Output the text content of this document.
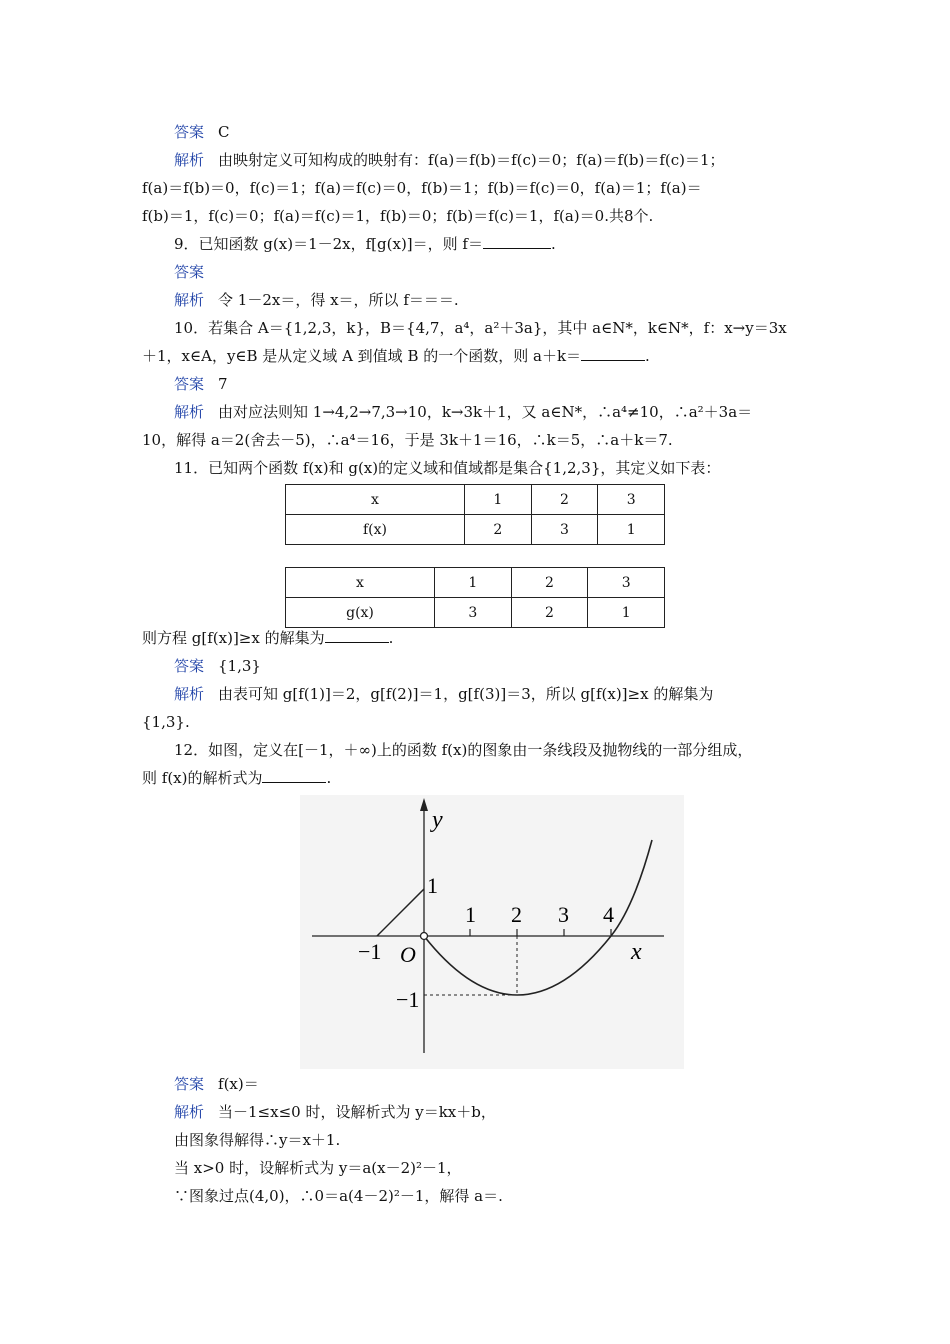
答案 C
解析 由映射定义可知构成的映射有：f(a)＝f(b)＝f(c)＝0；f(a)＝f(b)＝f(c)＝1；
f(a)＝f(b)＝0，f(c)＝1；f(a)＝f(c)＝0，f(b)＝1；f(b)＝f(c)＝0，f(a)＝1；f(a)＝
f(b)＝1，f(c)＝0；f(a)＝f(c)＝1，f(b)＝0；f(b)＝f(c)＝1，f(a)＝0.共8个.
9．已知函数 g(x)＝1－2x，f[g(x)]＝，则 f＝	.
答案
解析 令 1－2x＝，得 x＝，所以 f＝＝＝.
10．若集合 A＝{1,2,3，k}，B＝{4,7，a⁴，a²＋3a}，其中 a∈N*，k∈N*，f：x→y＝3x
＋1，x∈A，y∈B 是从定义域 A 到值域 B 的一个函数，则 a＋k＝	.
答案 7
解析 由对应法则知 1→4,2→7,3→10，k→3k＋1，又 a∈N*，∴a⁴≠10，∴a²＋3a＝
10，解得 a＝2(舍去－5)，∴a⁴＝16，于是 3k＋1＝16，∴k＝5，∴a＋k＝7.
11．已知两个函数 f(x)和 g(x)的定义域和值域都是集合{1,2,3}，其定义如下表：
x	1	2	3
f(x)	2	3	1
x	1	2	3
g(x)	3	2	1
则方程 g[f(x)]≥x 的解集为	.
答案 {1,3}
解析 由表可知 g[f(1)]＝2，g[f(2)]＝1，g[f(3)]＝3，所以 g[f(x)]≥x 的解集为
{1,3}.
12．如图，定义在[－1，＋∞)上的函数 f(x)的图象由一条线段及抛物线的一部分组成，
则 f(x)的解析式为	.
y
x
O
−1
1
−1
1 2 3 4
答案 f(x)＝
解析 当－1≤x≤0 时，设解析式为 y＝kx＋b，
由图象得解得∴y＝x＋1.
当 x>0 时，设解析式为 y＝a(x－2)²－1，
∵图象过点(4,0)，∴0＝a(4－2)²－1，解得 a＝.
